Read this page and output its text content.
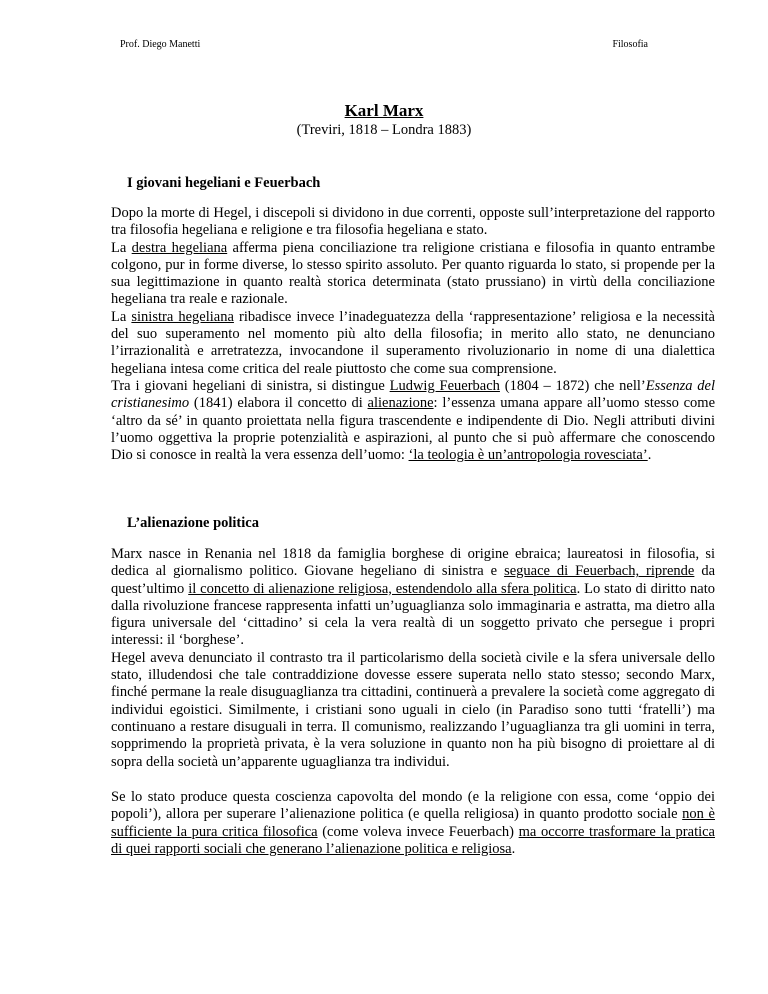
Prof. Diego Manetti	Filosofia
Karl Marx
(Treviri, 1818 – Londra 1883)
I giovani hegeliani e Feuerbach

Dopo la morte di Hegel, i discepoli si dividono in due correnti, opposte sull’interpretazione del rapporto tra filosofia hegeliana e religione e tra filosofia hegeliana e stato.
La destra hegeliana afferma piena conciliazione tra religione cristiana e filosofia in quanto entrambe colgono, pur in forme diverse, lo stesso spirito assoluto. Per quanto riguarda lo stato, si propende per la sua legittimazione in quanto realtà storica determinata (stato prussiano) in virtù della conciliazione hegeliana tra reale e razionale.
La sinistra hegeliana ribadisce invece l’inadeguatezza della ‘rappresentazione’ religiosa e la necessità del suo superamento nel momento più alto della filosofia; in merito allo stato, ne denunciano l’irrazionalità e arretratezza, invocandone il superamento rivoluzionario in nome di una dialettica hegeliana intesa come critica del reale piuttosto che come sua comprensione.

Tra i giovani hegeliani di sinistra, si distingue Ludwig Feuerbach (1804 – 1872) che nell’Essenza del cristianesimo (1841) elabora il concetto di alienazione: l’essenza umana appare all’uomo stesso come ‘altro da sé’ in quanto proiettata nella figura trascendente e indipendente di Dio. Negli attributi divini l’uomo oggettiva la proprie potenzialità e aspirazioni, al punto che si può affermare che conoscendo Dio si conosce in realtà la vera essenza dell’uomo: ‘la teologia è un’antropologia rovesciata’.

L’alienazione politica

Marx nasce in Renania nel 1818 da famiglia borghese di origine ebraica; laureatosi in filosofia, si dedica al giornalismo politico. Giovane hegeliano di sinistra e seguace di Feuerbach, riprende da quest’ultimo il concetto di alienazione religiosa, estendendolo alla sfera politica. Lo stato di diritto nato dalla rivoluzione francese rappresenta infatti un’uguaglianza solo immaginaria e astratta, ma dietro alla figura universale del ‘cittadino’ si cela la vera realtà di un soggetto privato che persegue i propri interessi: il ‘borghese’.
Hegel aveva denunciato il contrasto tra il particolarismo della società civile e la sfera universale dello stato, illudendosi che tale contraddizione dovesse essere superata nello stato stesso; secondo Marx, finché permane la reale disuguaglianza tra cittadini, continuerà a prevalere la società come aggregato di individui egoistici. Similmente, i cristiani sono uguali in cielo (in Paradiso sono tutti ‘fratelli’) ma continuano a restare disuguali in terra. Il comunismo, realizzando l’uguaglianza tra gli uomini in terra, sopprimendo la proprietà privata, è la vera soluzione in quanto non ha più bisogno di proiettare al di sopra della società un’apparente uguaglianza tra individui.

Se lo stato produce questa coscienza capovolta del mondo (e la religione con essa, come ‘oppio dei popoli’), allora per superare l’alienazione politica (e quella religiosa) in quanto prodotto sociale non è sufficiente la pura critica filosofica (come voleva invece Feuerbach) ma occorre trasformare la pratica di quei rapporti sociali che generano l’alienazione politica e religiosa.
